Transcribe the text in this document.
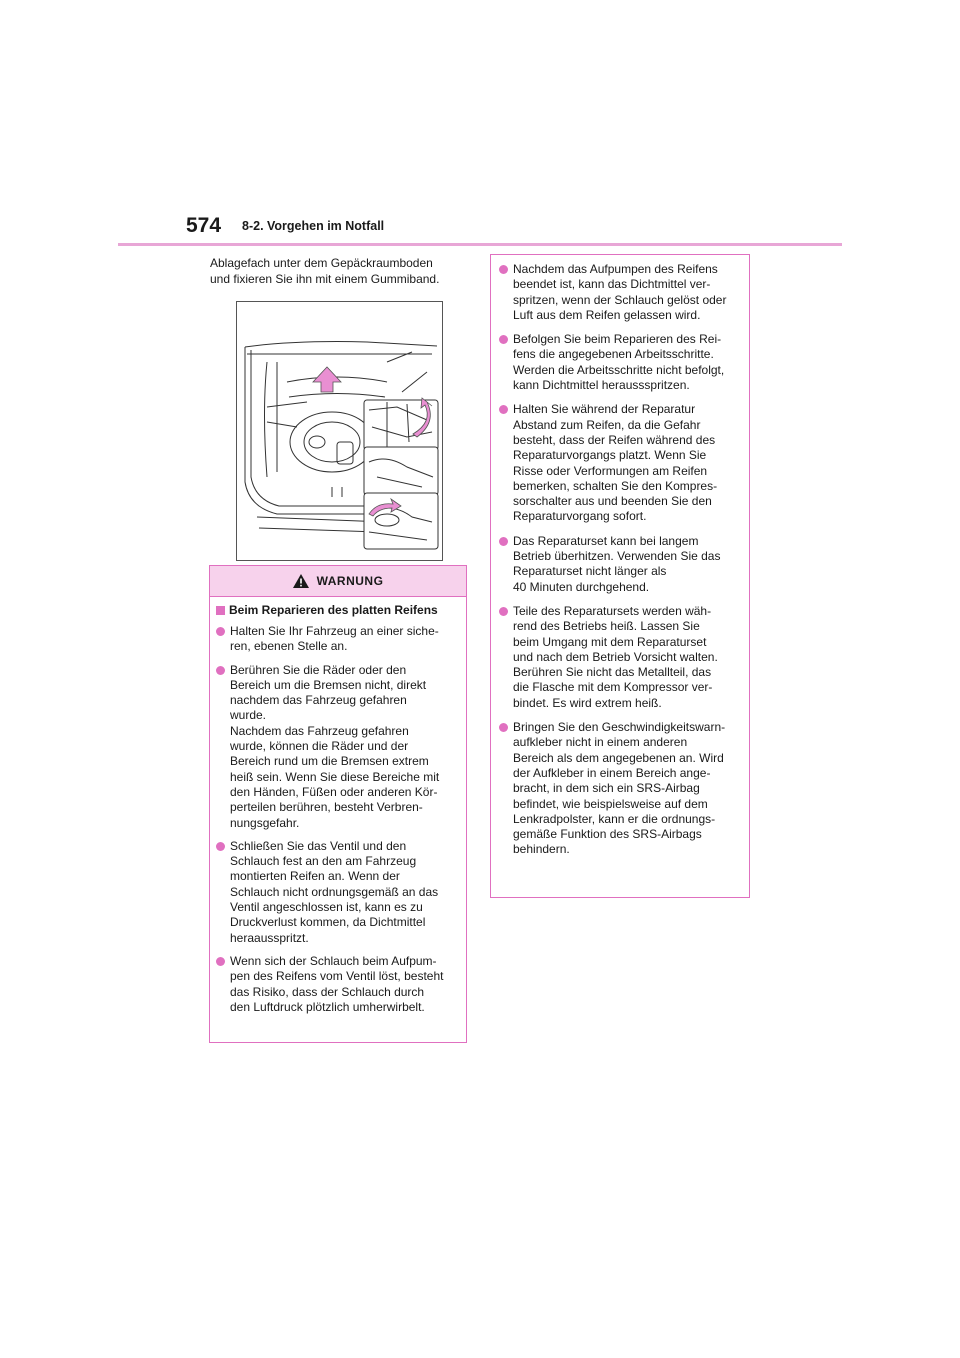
574 8-2. Vorgehen im Notfall
Ablagefach unter dem Gepäckraumboden
und fixieren Sie ihn mit einem Gummiband.
WARNUNG
Beim Reparieren des platten Reifens
Halten Sie Ihr Fahrzeug an einer siche-
ren, ebenen Stelle an.
Berühren Sie die Räder oder den
Bereich um die Bremsen nicht, direkt
nachdem das Fahrzeug gefahren
wurde.
Nachdem das Fahrzeug gefahren
wurde, können die Räder und der
Bereich rund um die Bremsen extrem
heiß sein. Wenn Sie diese Bereiche mit
den Händen, Füßen oder anderen Kör-
perteilen berühren, besteht Verbren-
nungsgefahr.
Schließen Sie das Ventil und den
Schlauch fest an den am Fahrzeug
montierten Reifen an. Wenn der
Schlauch nicht ordnungsgemäß an das
Ventil angeschlossen ist, kann es zu
Druckverlust kommen, da Dichtmittel
heraausspritzt.
Wenn sich der Schlauch beim Aufpum-
pen des Reifens vom Ventil löst, besteht
das Risiko, dass der Schlauch durch
den Luftdruck plötzlich umherwirbelt.
Nachdem das Aufpumpen des Reifens
beendet ist, kann das Dichtmittel ver-
spritzen, wenn der Schlauch gelöst oder
Luft aus dem Reifen gelassen wird.
Befolgen Sie beim Reparieren des Rei-
fens die angegebenen Arbeitsschritte.
Werden die Arbeitsschritte nicht befolgt,
kann Dichtmittel heraussspritzen.
Halten Sie während der Reparatur
Abstand zum Reifen, da die Gefahr
besteht, dass der Reifen während des
Reparaturvorgangs platzt. Wenn Sie
Risse oder Verformungen am Reifen
bemerken, schalten Sie den Kompres-
sorschalter aus und beenden Sie den
Reparaturvorgang sofort.
Das Reparaturset kann bei langem
Betrieb überhitzen. Verwenden Sie das
Reparaturset nicht länger als
40 Minuten durchgehend.
Teile des Reparatursets werden wäh-
rend des Betriebs heiß. Lassen Sie
beim Umgang mit dem Reparaturset
und nach dem Betrieb Vorsicht walten.
Berühren Sie nicht das Metallteil, das
die Flasche mit dem Kompressor ver-
bindet. Es wird extrem heiß.
Bringen Sie den Geschwindigkeitswarn-
aufkleber nicht in einem anderen
Bereich als dem angegebenen an. Wird
der Aufkleber in einem Bereich ange-
bracht, in dem sich ein SRS-Airbag
befindet, wie beispielsweise auf dem
Lenkradpolster, kann er die ordnungs-
gemäße Funktion des SRS-Airbags
behindern.
